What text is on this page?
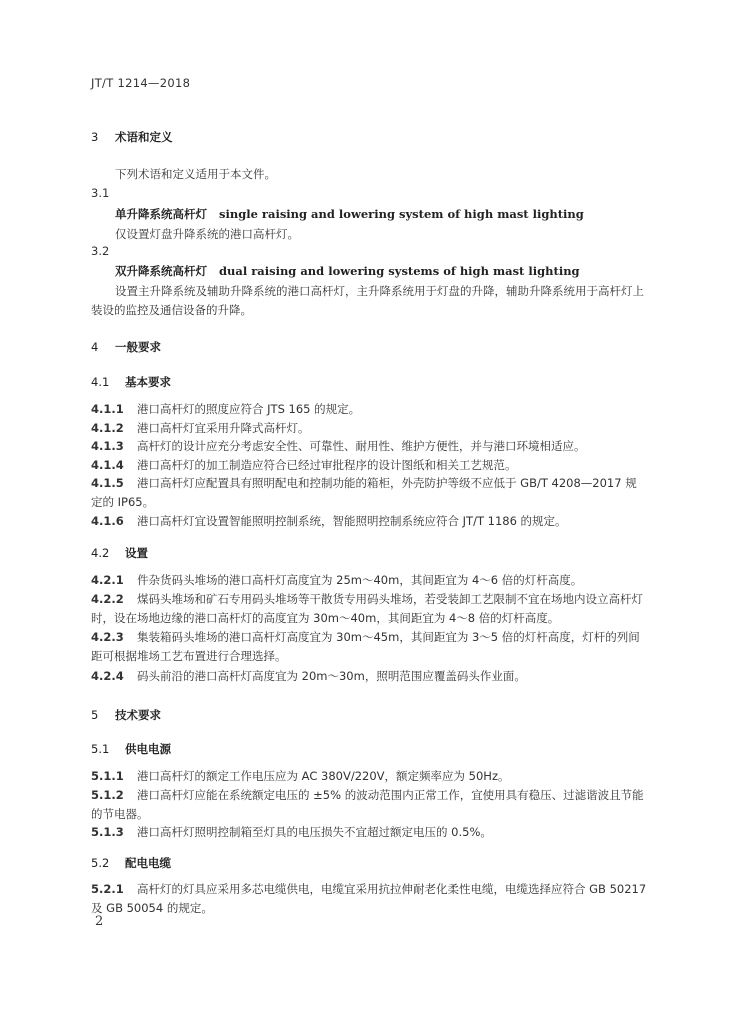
JT/T 1214—2018
3 术语和定义
下列术语和定义适用于本文件。
3.1
单升降系统高杆灯 single raising and lowering system of high mast lighting
仅设置灯盘升降系统的港口高杆灯。
3.2
双升降系统高杆灯 dual raising and lowering systems of high mast lighting
设置主升降系统及辅助升降系统的港口高杆灯，主升降系统用于灯盘的升降，辅助升降系统用于高杆灯上装设的监控及通信设备的升降。
4 一般要求
4.1 基本要求
4.1.1 港口高杆灯的照度应符合 JTS 165 的规定。
4.1.2 港口高杆灯宜采用升降式高杆灯。
4.1.3 高杆灯的设计应充分考虑安全性、可靠性、耐用性、维护方便性，并与港口环境相适应。
4.1.4 港口高杆灯的加工制造应符合已经过审批程序的设计图纸和相关工艺规范。
4.1.5 港口高杆灯应配置具有照明配电和控制功能的箱柜，外壳防护等级不应低于 GB/T 4208—2017 规定的 IP65。
4.1.6 港口高杆灯宜设置智能照明控制系统，智能照明控制系统应符合 JT/T 1186 的规定。
4.2 设置
4.2.1 件杂货码头堆场的港口高杆灯高度宜为 25m～40m，其间距宜为 4～6 倍的灯杆高度。
4.2.2 煤码头堆场和矿石专用码头堆场等干散货专用码头堆场，若受装卸工艺限制不宜在场地内设立高杆灯时，设在场地边缘的港口高杆灯的高度宜为 30m～40m，其间距宜为 4～8 倍的灯杆高度。
4.2.3 集装箱码头堆场的港口高杆灯高度宜为 30m～45m，其间距宜为 3～5 倍的灯杆高度，灯杆的列间距可根据堆场工艺布置进行合理选择。
4.2.4 码头前沿的港口高杆灯高度宜为 20m～30m，照明范围应覆盖码头作业面。
5 技术要求
5.1 供电电源
5.1.1 港口高杆灯的额定工作电压应为 AC 380V/220V，额定频率应为 50Hz。
5.1.2 港口高杆灯应能在系统额定电压的 ±5% 的波动范围内正常工作，宜使用具有稳压、过滤谐波且节能的节电器。
5.1.3 港口高杆灯照明控制箱至灯具的电压损失不宜超过额定电压的 0.5%。
5.2 配电电缆
5.2.1 高杆灯的灯具应采用多芯电缆供电，电缆宜采用抗拉伸耐老化柔性电缆，电缆选择应符合 GB 50217 及 GB 50054 的规定。
2
